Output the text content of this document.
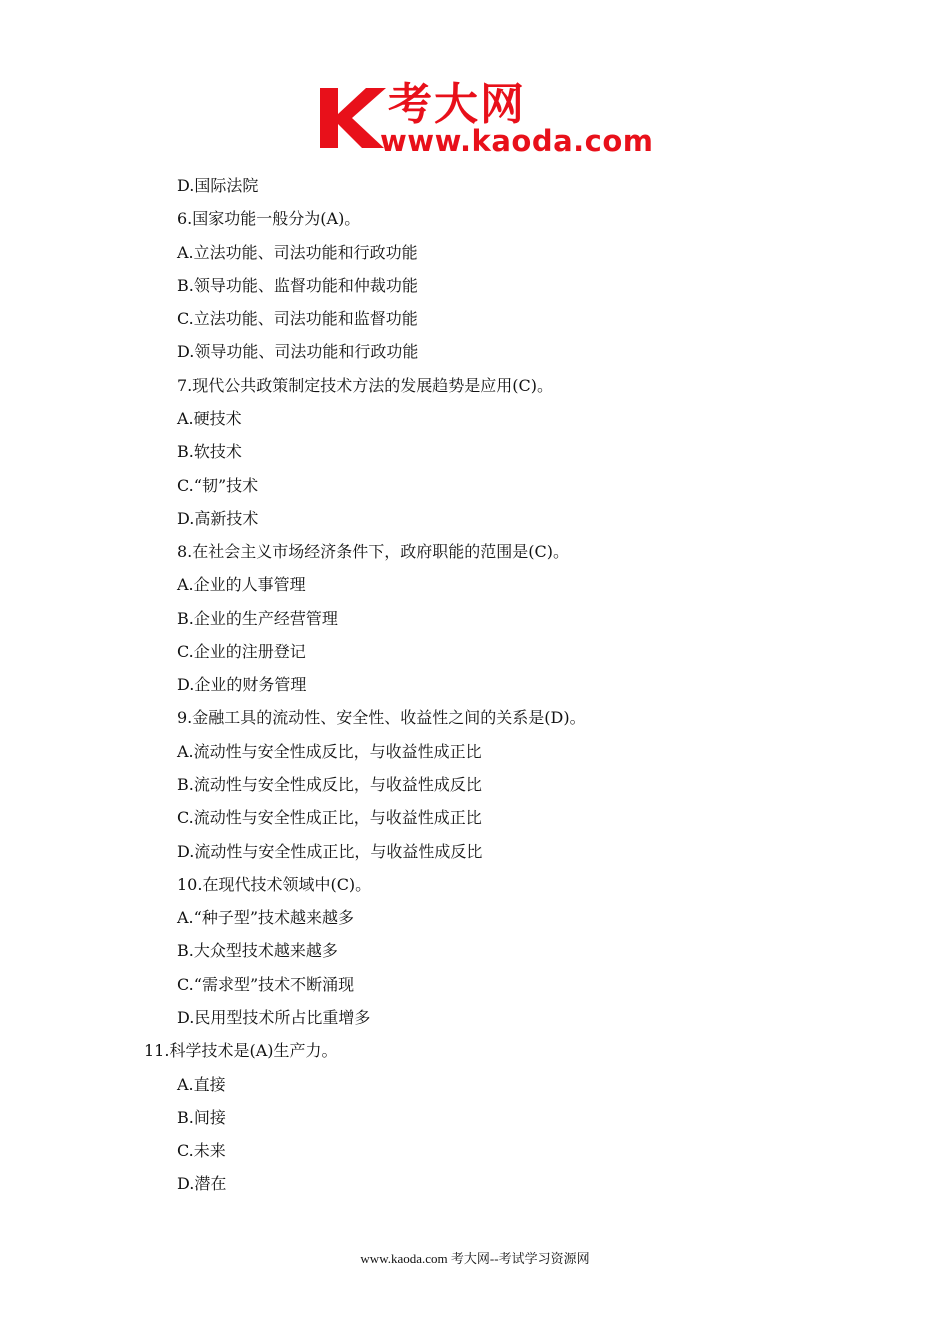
考大网
www.kaoda.com
D.国际法院
6.国家功能一般分为(A)。
A.立法功能、司法功能和行政功能
B.领导功能、监督功能和仲裁功能
C.立法功能、司法功能和监督功能
D.领导功能、司法功能和行政功能
7.现代公共政策制定技术方法的发展趋势是应用(C)。
A.硬技术
B.软技术
C.“韧”技术
D.高新技术
8.在社会主义市场经济条件下，政府职能的范围是(C)。
A.企业的人事管理
B.企业的生产经营管理
C.企业的注册登记
D.企业的财务管理
9.金融工具的流动性、安全性、收益性之间的关系是(D)。
A.流动性与安全性成反比，与收益性成正比
B.流动性与安全性成反比，与收益性成反比
C.流动性与安全性成正比，与收益性成正比
D.流动性与安全性成正比，与收益性成反比
10.在现代技术领域中(C)。
A.“种子型”技术越来越多
B.大众型技术越来越多
C.“需求型”技术不断涌现
D.民用型技术所占比重增多
11.科学技术是(A)生产力。
A.直接
B.间接
C.未来
D.潜在
www.kaoda.com 考大网--考试学习资源网
